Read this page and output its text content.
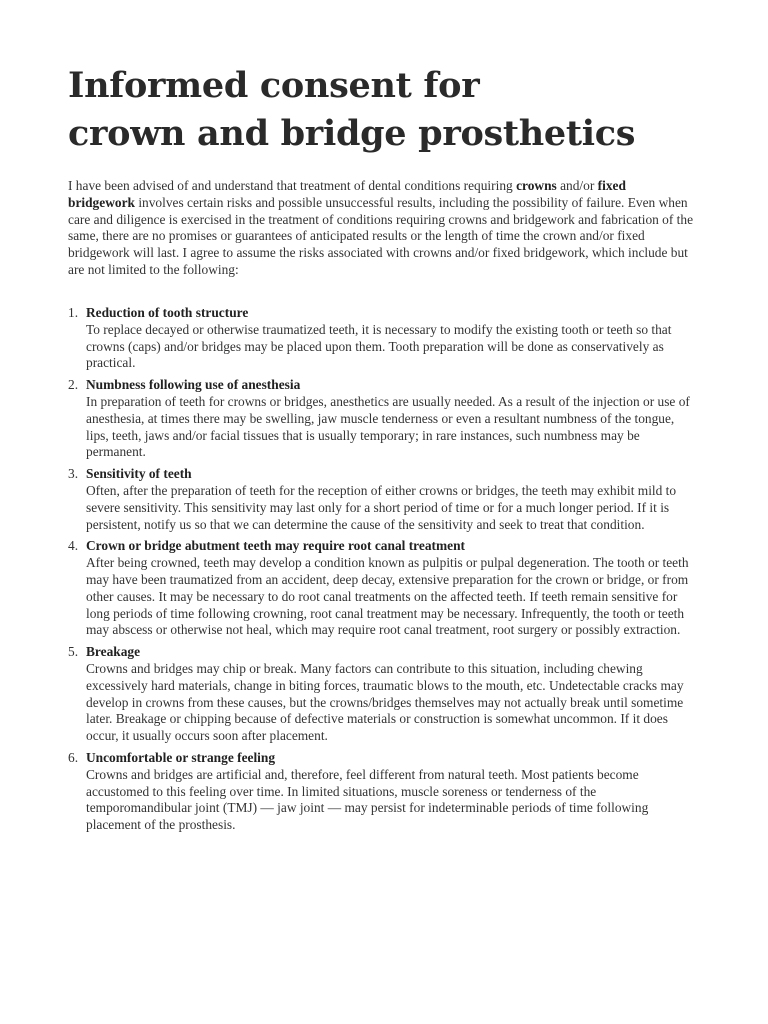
Informed consent for
crown and bridge prosthetics

I have been advised of and understand that treatment of dental conditions requiring crowns and/or fixed bridgework involves certain risks and possible unsuccessful results, including the possibility of failure. Even when care and diligence is exercised in the treatment of conditions requiring crowns and bridgework and fabrication of the same, there are no promises or guarantees of anticipated results or the length of time the crown and/or fixed bridgework will last. I agree to assume the risks associated with crowns and/or fixed bridgework, which include but are not limited to the following:

1. Reduction of tooth structure
To replace decayed or otherwise traumatized teeth, it is necessary to modify the existing tooth or teeth so that crowns (caps) and/or bridges may be placed upon them. Tooth preparation will be done as conservatively as practical.
2. Numbness following use of anesthesia
In preparation of teeth for crowns or bridges, anesthetics are usually needed. As a result of the injection or use of anesthesia, at times there may be swelling, jaw muscle tenderness or even a resultant numbness of the tongue, lips, teeth, jaws and/or facial tissues that is usually temporary; in rare instances, such numbness may be permanent.
3. Sensitivity of teeth
Often, after the preparation of teeth for the reception of either crowns or bridges, the teeth may exhibit mild to severe sensitivity. This sensitivity may last only for a short period of time or for a much longer period. If it is persistent, notify us so that we can determine the cause of the sensitivity and seek to treat that condition.
4. Crown or bridge abutment teeth may require root canal treatment
After being crowned, teeth may develop a condition known as pulpitis or pulpal degeneration. The tooth or teeth may have been traumatized from an accident, deep decay, extensive preparation for the crown or bridge, or from other causes. It may be necessary to do root canal treatments on the affected teeth. If teeth remain sensitive for long periods of time following crowning, root canal treatment may be necessary. Infrequently, the tooth or teeth may abscess or otherwise not heal, which may require root canal treatment, root surgery or possibly extraction.
5. Breakage
Crowns and bridges may chip or break. Many factors can contribute to this situation, including chewing excessively hard materials, change in biting forces, traumatic blows to the mouth, etc. Undetectable cracks may develop in crowns from these causes, but the crowns/bridges themselves may not actually break until sometime later. Breakage or chipping because of defective materials or construction is somewhat uncommon. If it does occur, it usually occurs soon after placement.
6. Uncomfortable or strange feeling
Crowns and bridges are artificial and, therefore, feel different from natural teeth. Most patients become accustomed to this feeling over time. In limited situations, muscle soreness or tenderness of the temporomandibular joint (TMJ) — jaw joint — may persist for indeterminable periods of time following placement of the prosthesis.
